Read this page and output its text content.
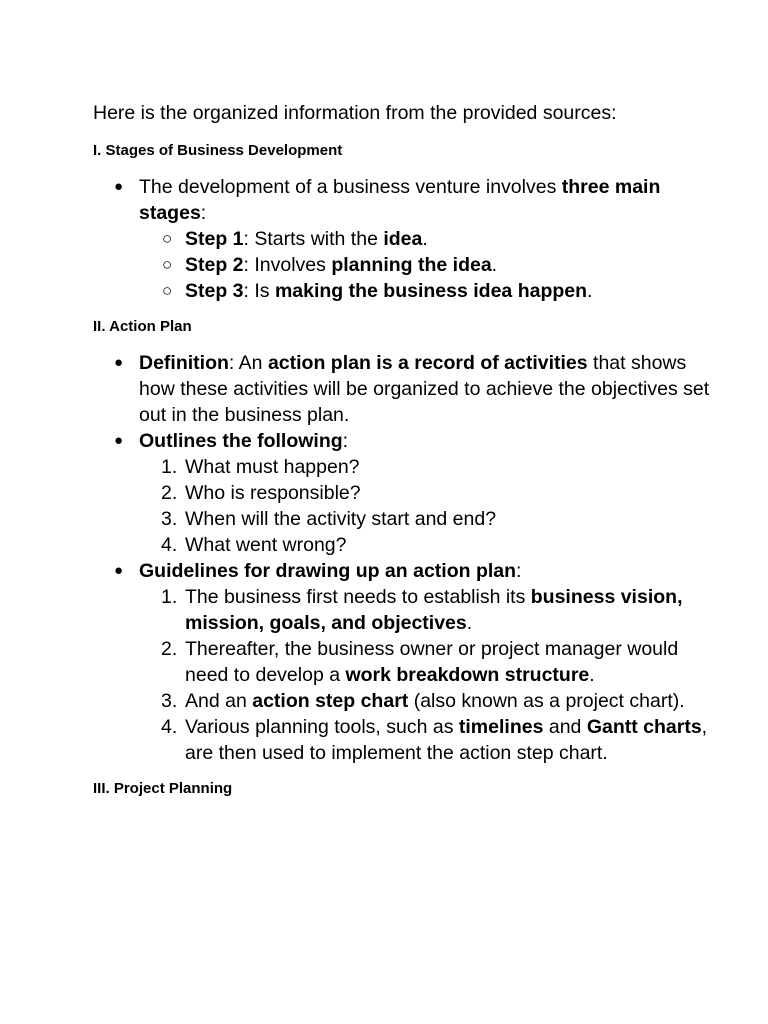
Here is the organized information from the provided sources:

I. Stages of Business Development
● The development of a business venture involves three main stages:
○ Step 1: Starts with the idea.
○ Step 2: Involves planning the idea.
○ Step 3: Is making the business idea happen.
II. Action Plan
● Definition: An action plan is a record of activities that shows how these activities will be organized to achieve the objectives set out in the business plan.
● Outlines the following:
1. What must happen?
2. Who is responsible?
3. When will the activity start and end?
4. What went wrong?
● Guidelines for drawing up an action plan:
1. The business first needs to establish its business vision, mission, goals, and objectives.
2. Thereafter, the business owner or project manager would need to develop a work breakdown structure.
3. And an action step chart (also known as a project chart).
4. Various planning tools, such as timelines and Gantt charts, are then used to implement the action step chart.
III. Project Planning
